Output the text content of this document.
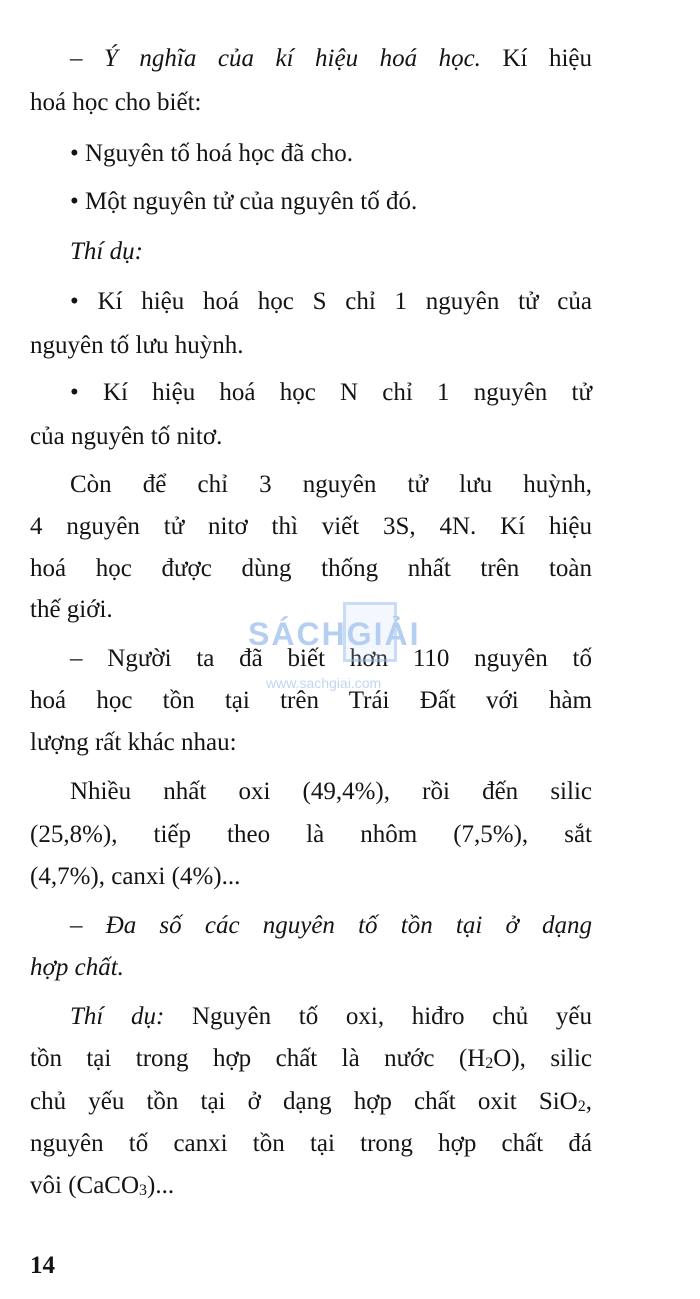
– Ý nghĩa của kí hiệu hoá học. Kí hiệu
hoá học cho biết:
• Nguyên tố hoá học đã cho.
• Một nguyên tử của nguyên tố đó.
Thí dụ:
• Kí hiệu hoá học S chỉ 1 nguyên tử của
nguyên tố lưu huỳnh.
• Kí hiệu hoá học N chỉ 1 nguyên tử
của nguyên tố nitơ.
Còn để chỉ 3 nguyên tử lưu huỳnh,
4 nguyên tử nitơ thì viết 3S, 4N. Kí hiệu
hoá học được dùng thống nhất trên toàn
thế giới.
– Người ta đã biết hơn 110 nguyên tố
hoá học tồn tại trên Trái Đất với hàm
lượng rất khác nhau:
Nhiều nhất oxi (49,4%), rồi đến silic
(25,8%), tiếp theo là nhôm (7,5%), sắt
(4,7%), canxi (4%)...
– Đa số các nguyên tố tồn tại ở dạng
hợp chất.
Thí dụ: Nguyên tố oxi, hiđro chủ yếu
tồn tại trong hợp chất là nước $(H_2O)$, silic
chủ yếu tồn tại ở dạng hợp chất oxit SiO$_2$,
nguyên tố canxi tồn tại trong hợp chất đá
vôi (CaCO$_3$)...
14
SÁCHGIẢI
www.sachgiai.com
